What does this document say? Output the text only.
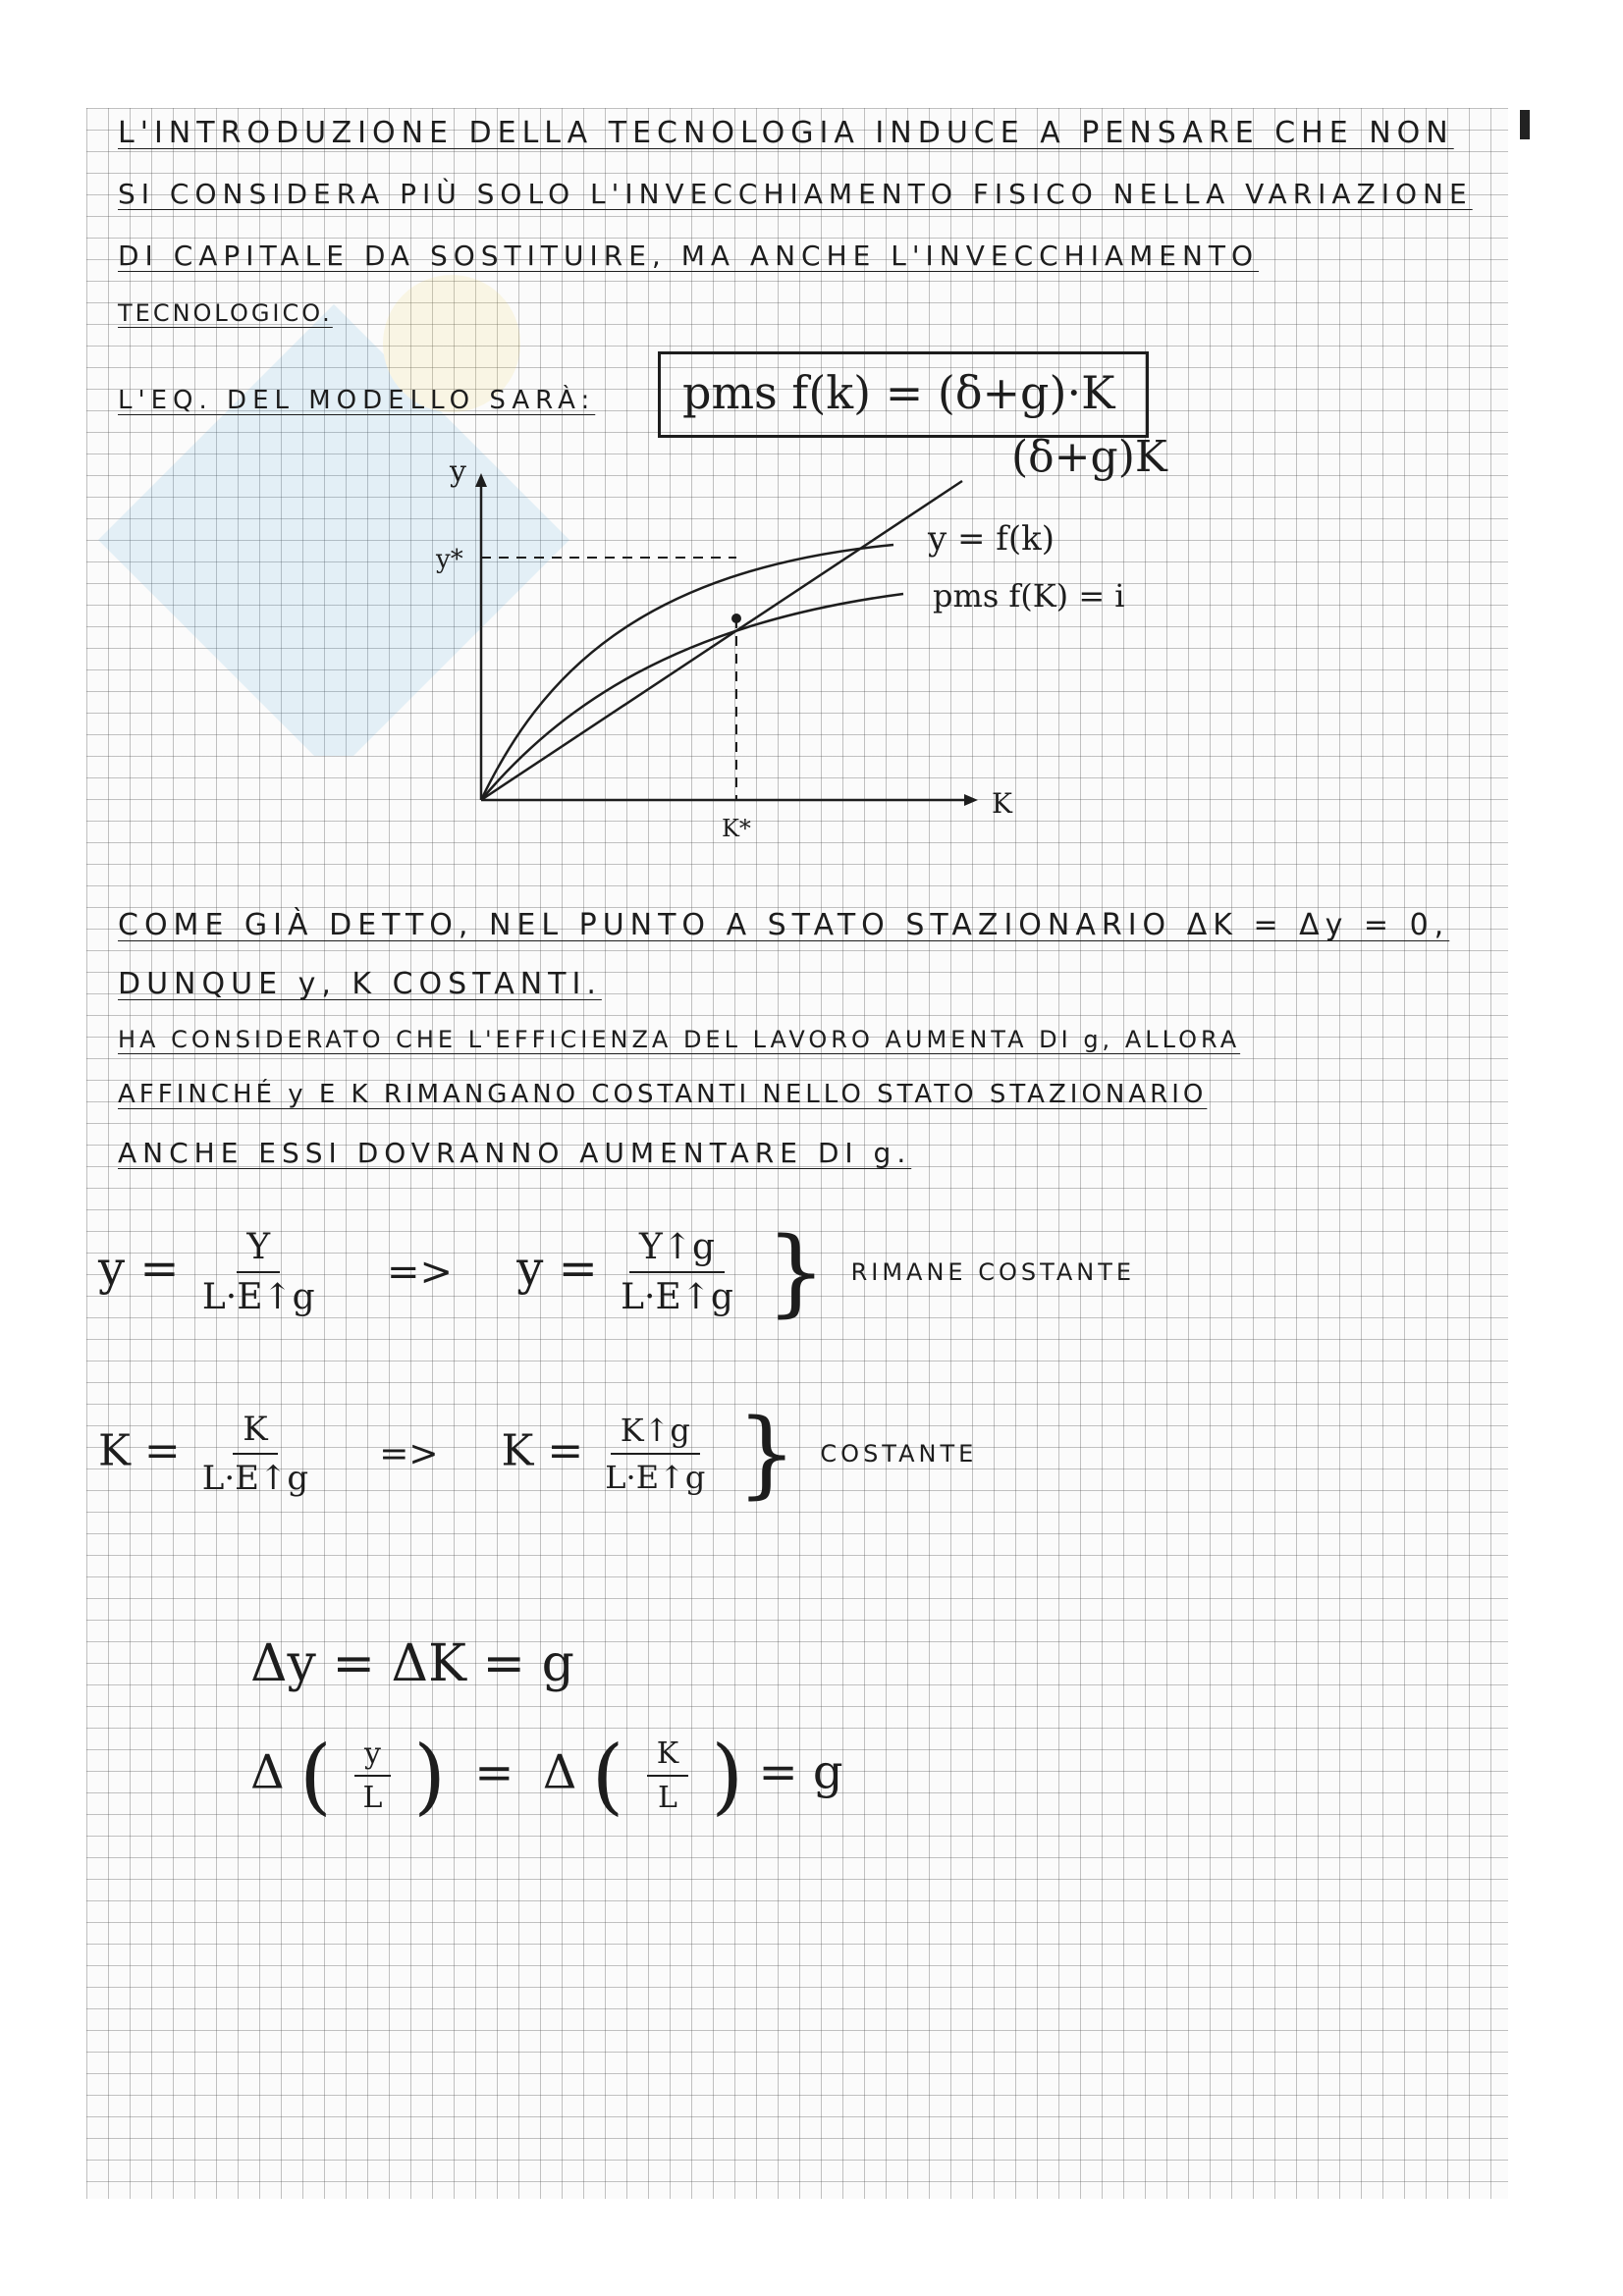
L'INTRODUZIONE DELLA TECNOLOGIA INDUCE A PENSARE CHE NON
SI CONSIDERA PIÙ SOLO L'INVECCHIAMENTO FISICO NELLA VARIAZIONE
DI CAPITALE DA SOSTITUIRE, MA ANCHE L'INVECCHIAMENTO
TECNOLOGICO.
L'EQ. DEL MODELLO SARÀ:	pms f(k) = (δ+g)·K
(δ+g)K
y
y*
K*
K
y = f(k)
pms f(K) = i
COME GIÀ DETTO, NEL PUNTO A STATO STAZIONARIO ΔK = Δy = 0,
DUNQUE y, K COSTANTI.
HA CONSIDERATO CHE L'EFFICIENZA DEL LAVORO AUMENTA DI g, ALLORA
AFFINCHÉ y E K RIMANGANO COSTANTI NELLO STATO STAZIONARIO
ANCHE ESSI DOVRANNO AUMENTARE DI g.
$y = \frac{Y}{L\cdot E↑g} => y = \frac{Y↑g}{L\cdot E↑g}$ } RIMANE COSTANTE
$K = \frac{K}{L\cdot E↑g} => K = \frac{K↑g}{L\cdot E↑g}$ } COSTANTE
Δy = ΔK = g
Δ ( $\frac{y}{L}$ ) = Δ ( $\frac{K}{L}$ ) = g
